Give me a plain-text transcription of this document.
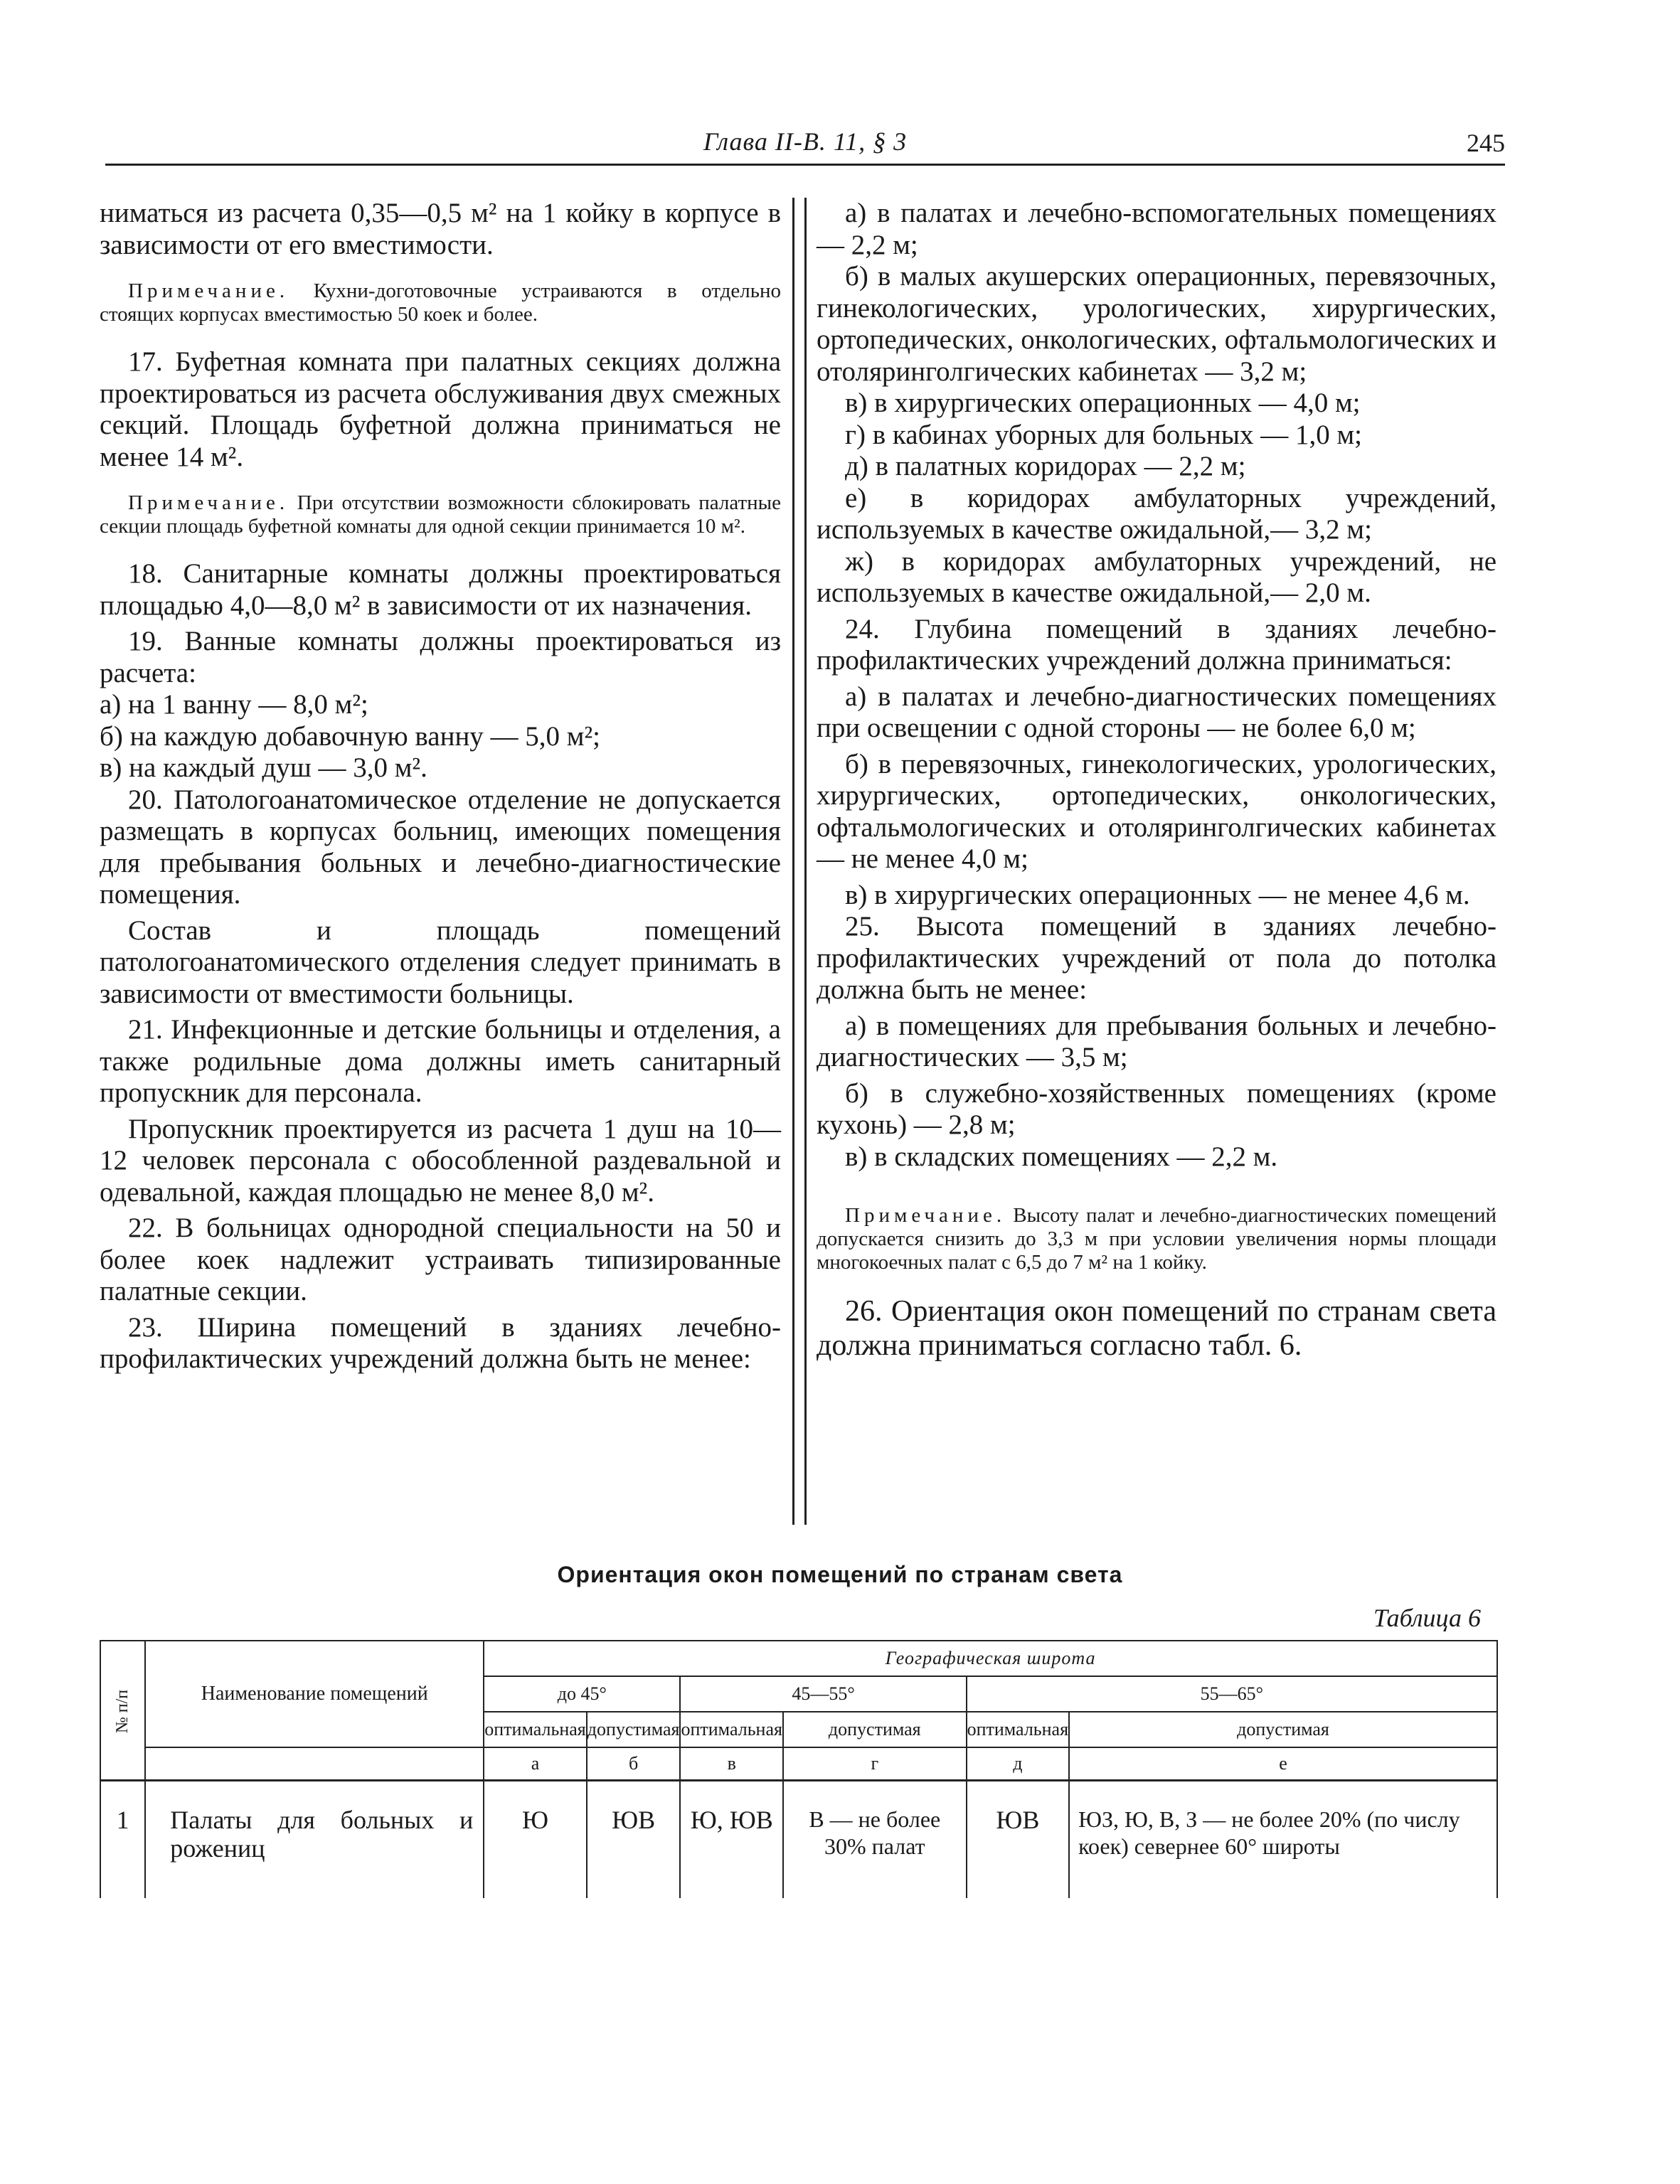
Глава II-В. 11, § 3	245

ниматься из расчета 0,35—0,5 м² на 1 койку в корпусе в зависимости от его вместимости.

Примечание. Кухни-доготовочные устраиваются в отдельно стоящих корпусах вместимостью 50 коек и более.

17. Буфетная комната при палатных секциях должна проектироваться из расчета обслуживания двух смежных секций. Площадь буфетной должна приниматься не менее 14 м².

Примечание. При отсутствии возможности сблокировать палатные секции площадь буфетной комнаты для одной секции принимается 10 м².

18. Санитарные комнаты должны проектироваться площадью 4,0—8,0 м² в зависимости от их назначения.

19. Ванные комнаты должны проектироваться из расчета:

а) на 1 ванну — 8,0 м²;

б) на каждую добавочную ванну — 5,0 м²;

в) на каждый душ — 3,0 м².

20. Патологоанатомическое отделение не допускается размещать в корпусах больниц, имеющих помещения для пребывания больных и лечебно-диагностические помещения.

Состав и площадь помещений патологоанатомического отделения следует принимать в зависимости от вместимости больницы.

21. Инфекционные и детские больницы и отделения, а также родильные дома должны иметь санитарный пропускник для персонала.

Пропускник проектируется из расчета 1 душ на 10—12 человек персонала с обособленной раздевальной и одевальной, каждая площадью не менее 8,0 м².

22. В больницах однородной специальности на 50 и более коек надлежит устраивать типизированные палатные секции.

23. Ширина помещений в зданиях лечебно-профилактических учреждений должна быть не менее:

а) в палатах и лечебно-вспомогательных помещениях — 2,2 м;

б) в малых акушерских операционных, перевязочных, гинекологических, урологических, хирургических, ортопедических, онкологических, офтальмологических и отоляринголгических кабинетах — 3,2 м;

в) в хирургических операционных — 4,0 м;

г) в кабинах уборных для больных — 1,0 м;

д) в палатных коридорах — 2,2 м;

е) в коридорах амбулаторных учреждений, используемых в качестве ожидальной,— 3,2 м;

ж) в коридорах амбулаторных учреждений, не используемых в качестве ожидальной,— 2,0 м.

24. Глубина помещений в зданиях лечебно-профилактических учреждений должна приниматься:

а) в палатах и лечебно-диагностических помещениях при освещении с одной стороны — не более 6,0 м;

б) в перевязочных, гинекологических, урологических, хирургических, ортопедических, онкологических, офтальмологических и отоляринголгических кабинетах — не менее 4,0 м;

в) в хирургических операционных — не менее 4,6 м.

25. Высота помещений в зданиях лечебно-профилактических учреждений от пола до потолка должна быть не менее:

а) в помещениях для пребывания больных и лечебно-диагностических — 3,5 м;

б) в служебно-хозяйственных помещениях (кроме кухонь) — 2,8 м;

в) в складских помещениях — 2,2 м.

Примечание. Высоту палат и лечебно-диагностических помещений допускается снизить до 3,3 м при условии увеличения нормы площади многокоечных палат с 6,5 до 7 м² на 1 койку.

26. Ориентация окон помещений по странам света должна приниматься согласно табл. 6.

Ориентация окон помещений по странам света
Таблица 6
№ п/п	Наименование помещений	Географическая широта					
		до 45°		45—55°		55—65°	
		оптимальная	допустимая	оптимальная	допустимая	оптимальная	допустимая
		а	б	в	г	д	е
1	Палаты для больных и рожениц	Ю	ЮВ	Ю, ЮВ	В — не более 30% палат	ЮВ	ЮЗ, Ю, В, З — не более 20% (по числу коек) севернее 60° широты
